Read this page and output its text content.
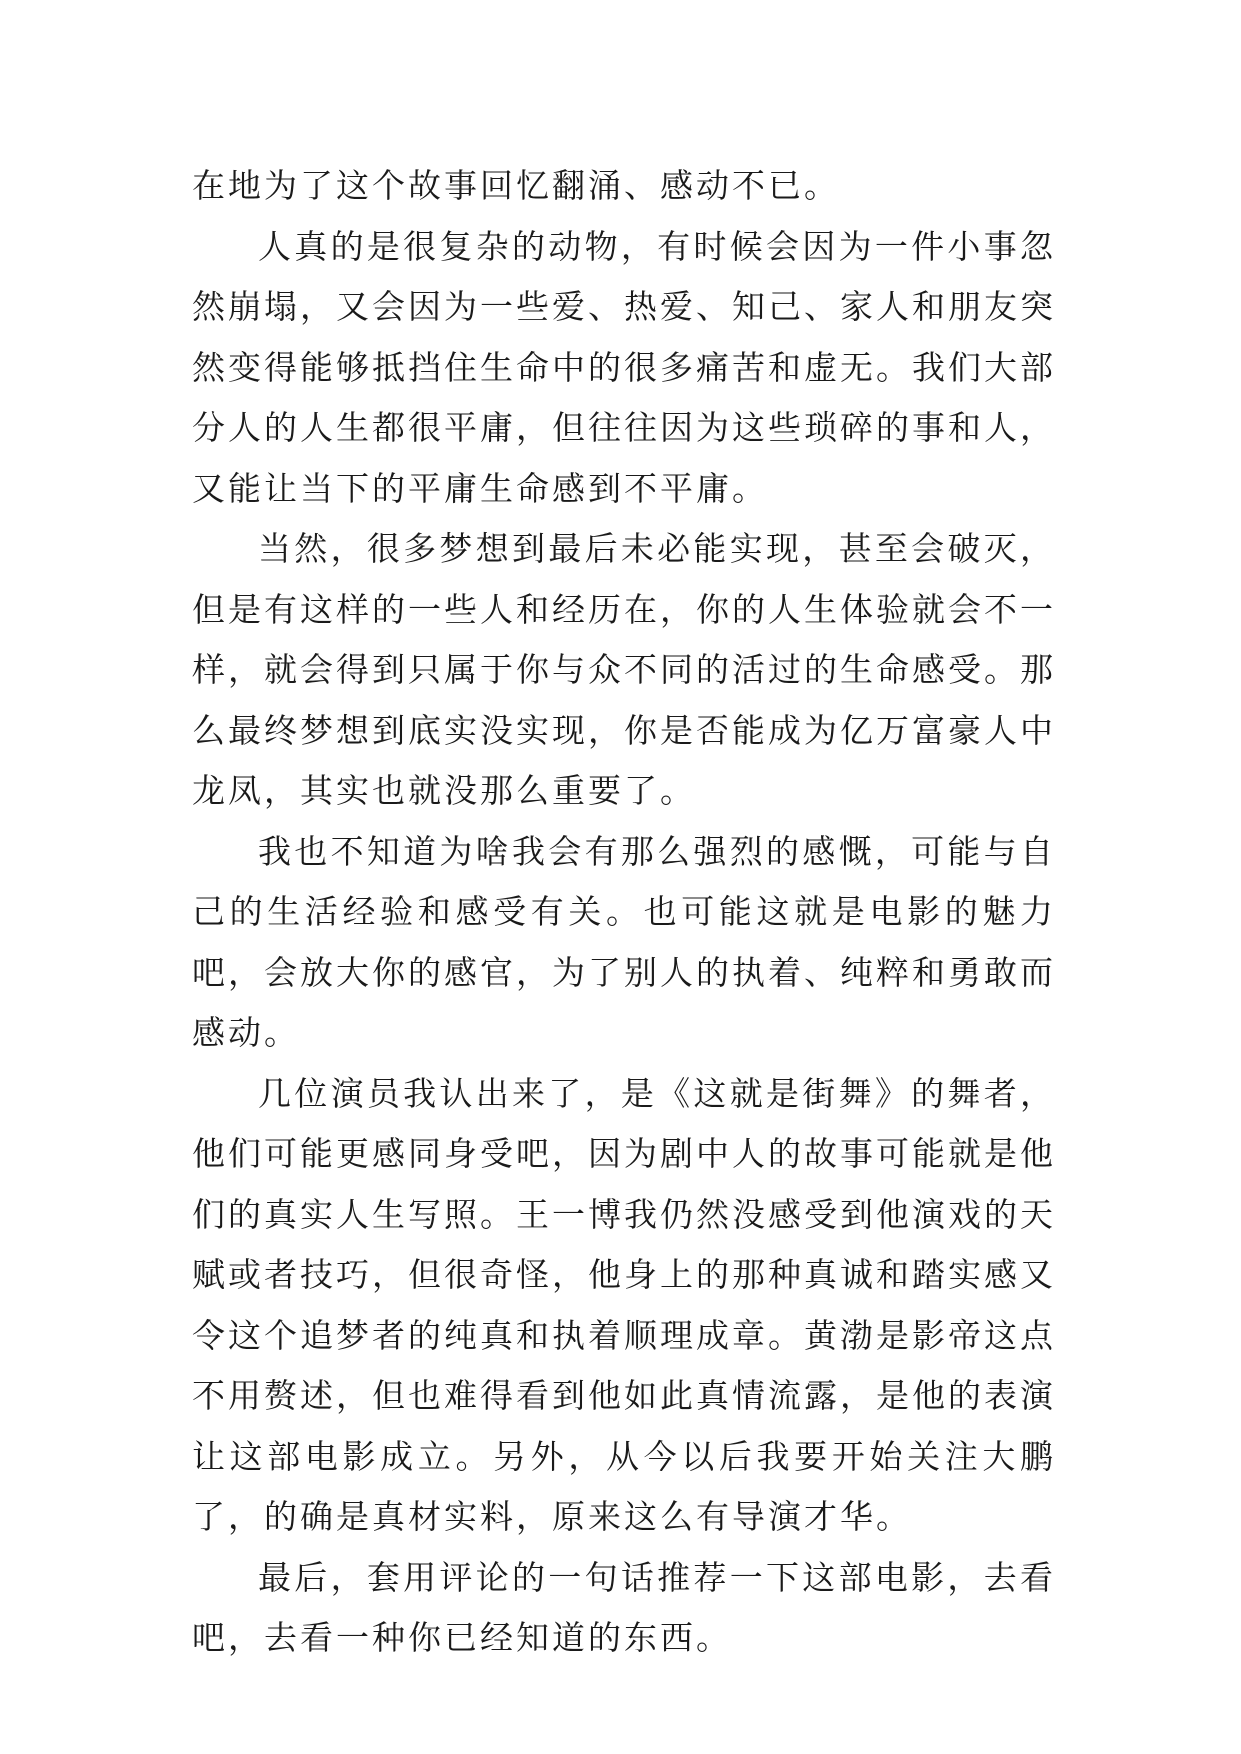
在地为了这个故事回忆翻涌、感动不已。

人真的是很复杂的动物，有时候会因为一件小事忽然崩塌，又会因为一些爱、热爱、知己、家人和朋友突然变得能够抵挡住生命中的很多痛苦和虚无。我们大部分人的人生都很平庸，但往往因为这些琐碎的事和人，又能让当下的平庸生命感到不平庸。

当然，很多梦想到最后未必能实现，甚至会破灭，但是有这样的一些人和经历在，你的人生体验就会不一样，就会得到只属于你与众不同的活过的生命感受。那么最终梦想到底实没实现，你是否能成为亿万富豪人中龙凤，其实也就没那么重要了。

我也不知道为啥我会有那么强烈的感慨，可能与自己的生活经验和感受有关。也可能这就是电影的魅力吧，会放大你的感官，为了别人的执着、纯粹和勇敢而感动。

几位演员我认出来了，是《这就是街舞》的舞者，他们可能更感同身受吧，因为剧中人的故事可能就是他们的真实人生写照。王一博我仍然没感受到他演戏的天赋或者技巧，但很奇怪，他身上的那种真诚和踏实感又令这个追梦者的纯真和执着顺理成章。黄渤是影帝这点不用赘述，但也难得看到他如此真情流露，是他的表演让这部电影成立。另外，从今以后我要开始关注大鹏了，的确是真材实料，原来这么有导演才华。

最后，套用评论的一句话推荐一下这部电影，去看吧，去看一种你已经知道的东西。
